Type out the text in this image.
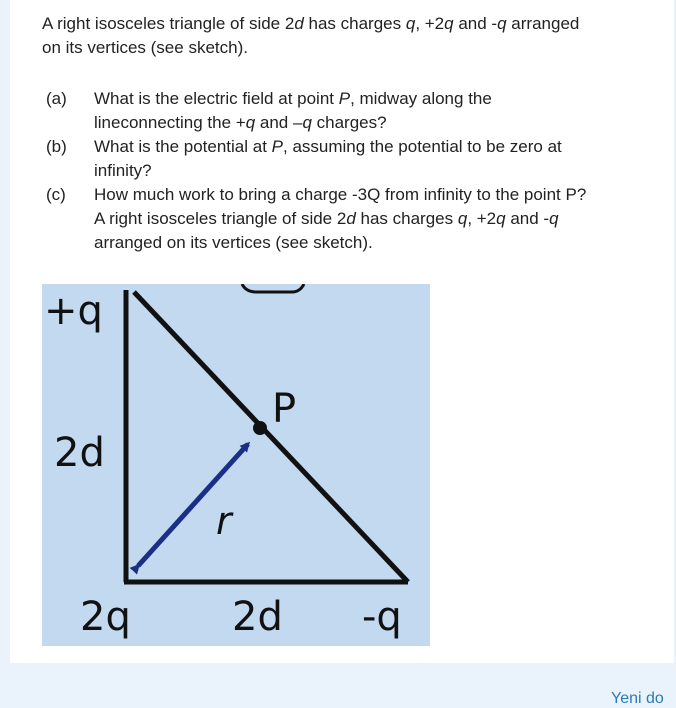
A right isosceles triangle of side 2d has charges q, +2q and -q arranged
on its vertices (see sketch).
(a)	What is the electric field at point P, midway along the
lineconnecting the +q and –q charges?
(b)	What is the potential at P, assuming the potential to be zero at
infinity?
(c)	How much work to bring a charge -3Q from infinity to the point P?
A right isosceles triangle of side 2d has charges q, +2q and -q
arranged on its vertices (see sketch).
+q
2d
2q	2d -q
P
r
Yeni do
